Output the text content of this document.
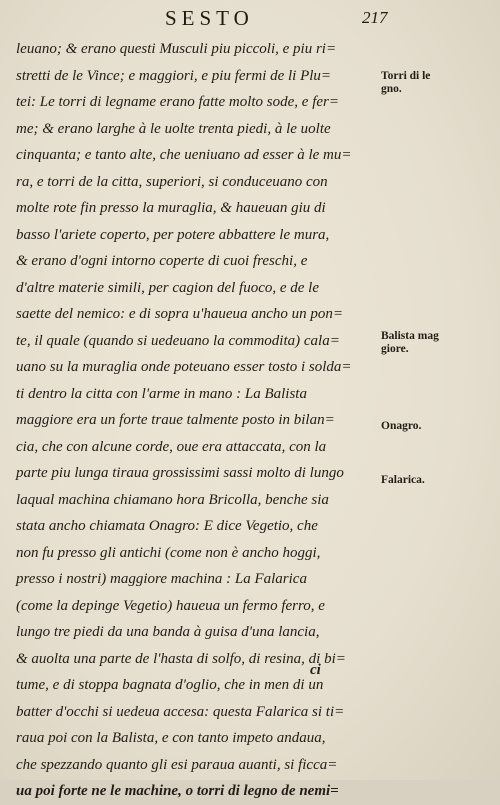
SESTO	217
leuano; & erano questi Musculi piu piccoli, e piu ri=
stretti de le Vince; e maggiori, e piu fermi de li Plu=
tei: Le torri di legname erano fatte molto sode, e fer=
me; & erano larghe à le uolte trenta piedi, à le uolte
cinquanta; e tanto alte, che ueniuano ad esser à le mu=
ra, e torri de la citta, superiori, si conduceuano con
molte rote fin presso la muraglia, & haueuan giu di
basso l'ariete coperto, per potere abbattere le mura,
& erano d'ogni intorno coperte di cuoi freschi, e
d'altre materie simili, per cagion del fuoco, e de le
saette del nemico: e di sopra u'haueua ancho un pon=
te, il quale (quando si uedeuano la commodita) cala=
uano su la muraglia onde poteuano esser tosto i solda=
ti dentro la citta con l'arme in mano : La Balista
maggiore era un forte traue talmente posto in bilan=
cia, che con alcune corde, oue era attaccata, con la
parte piu lunga tiraua grossissimi sassi molto di lungo
laqual machina chiamano hora Bricolla, benche sia
stata ancho chiamata Onagro: E dice Vegetio, che
non fu presso gli antichi (come non è ancho hoggi,
presso i nostri) maggiore machina : La Falarica
(come la depinge Vegetio) haueua un fermo ferro, e
lungo tre piedi da una banda à guisa d'una lancia,
& auolta una parte de l'hasta di solfo, di resina, di bi=
tume, e di stoppa bagnata d'oglio, che in men di un
batter d'occhi si uedeua accesa: questa Falarica si ti=
raua poi con la Balista, e con tanto impeto andaua,
che spezzando quanto gli esi paraua auanti, si ficca=
ua poi forte ne le machine, o torri di legno de nemi=
Torri di le gno.
Balista mag giore.
Onagro.
Falarica.
ci
